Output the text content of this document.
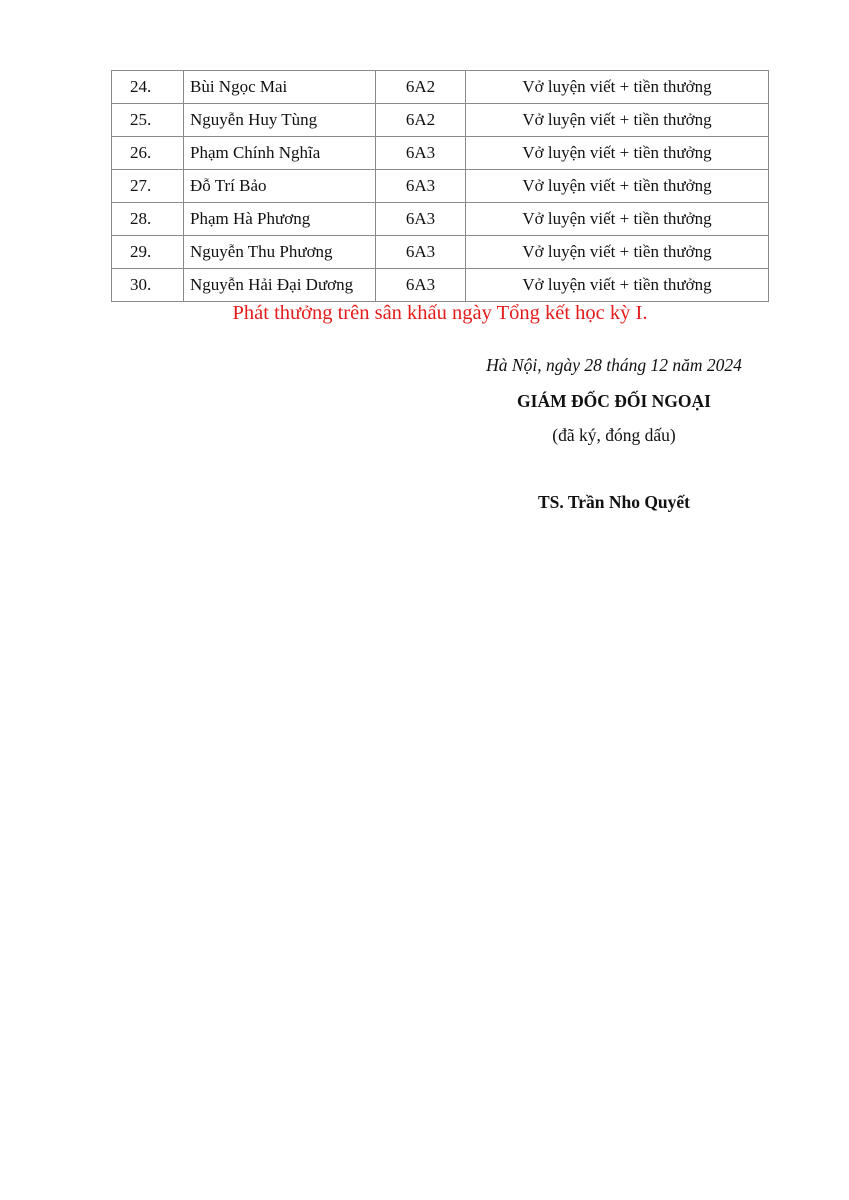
24.	Bùi Ngọc Mai	6A2	Vở luyện viết + tiền thưởng
25.	Nguyễn Huy Tùng	6A2	Vở luyện viết + tiền thưởng
26.	Phạm Chính Nghĩa	6A3	Vở luyện viết + tiền thưởng
27.	Đỗ Trí Bảo	6A3	Vở luyện viết + tiền thưởng
28.	Phạm Hà Phương	6A3	Vở luyện viết + tiền thưởng
29.	Nguyễn Thu Phương	6A3	Vở luyện viết + tiền thưởng
30.	Nguyễn Hải Đại Dương	6A3	Vở luyện viết + tiền thưởng
Phát thưởng trên sân khấu ngày Tổng kết học kỳ I.
Hà Nội, ngày 28 tháng 12 năm 2024
GIÁM ĐỐC ĐỐI NGOẠI
(đã ký, đóng dấu)
TS. Trần Nho Quyết
